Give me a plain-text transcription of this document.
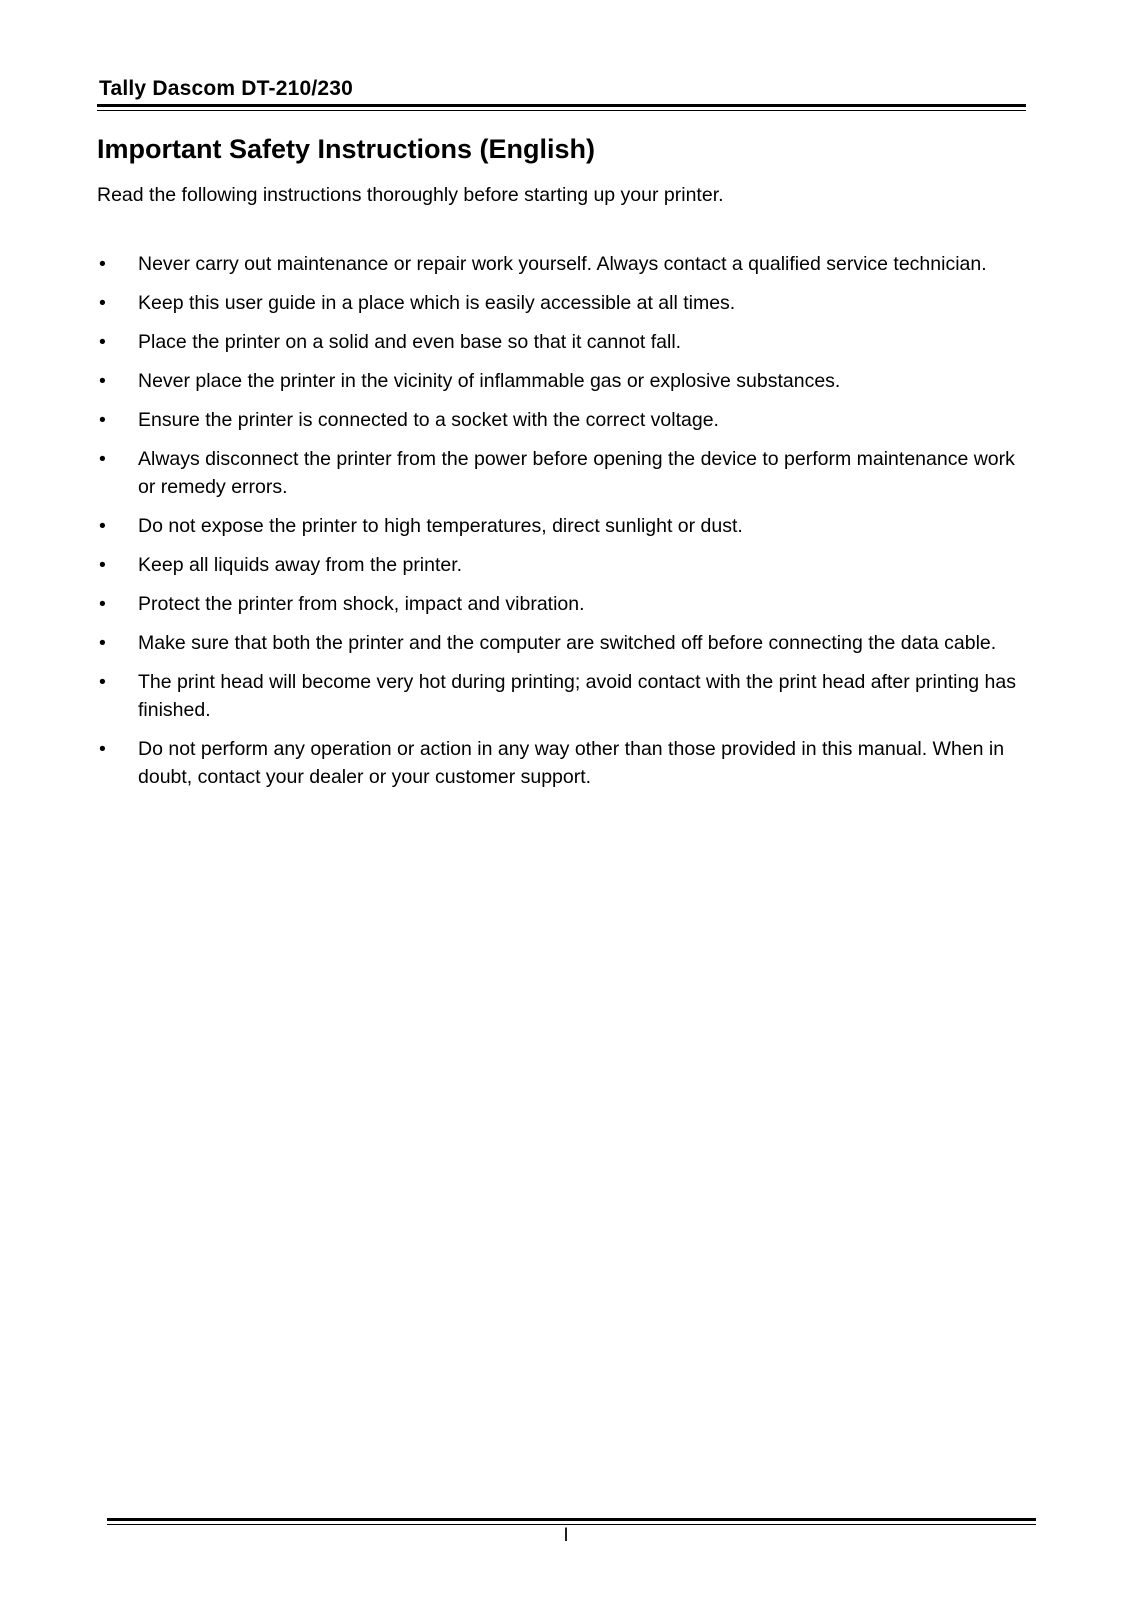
Tally Dascom DT-210/230
Important Safety Instructions (English)

Read the following instructions thoroughly before starting up your printer.

• Never carry out maintenance or repair work yourself. Always contact a qualified service technician.
• Keep this user guide in a place which is easily accessible at all times.
• Place the printer on a solid and even base so that it cannot fall.
• Never place the printer in the vicinity of inflammable gas or explosive substances.
• Ensure the printer is connected to a socket with the correct voltage.
• Always disconnect the printer from the power before opening the device to perform maintenance work or remedy errors.
• Do not expose the printer to high temperatures, direct sunlight or dust.
• Keep all liquids away from the printer.
• Protect the printer from shock, impact and vibration.
• Make sure that both the printer and the computer are switched off before connecting the data cable.
• The print head will become very hot during printing; avoid contact with the print head after printing has finished.
• Do not perform any operation or action in any way other than those provided in this manual. When in doubt, contact your dealer or your customer support.
I
